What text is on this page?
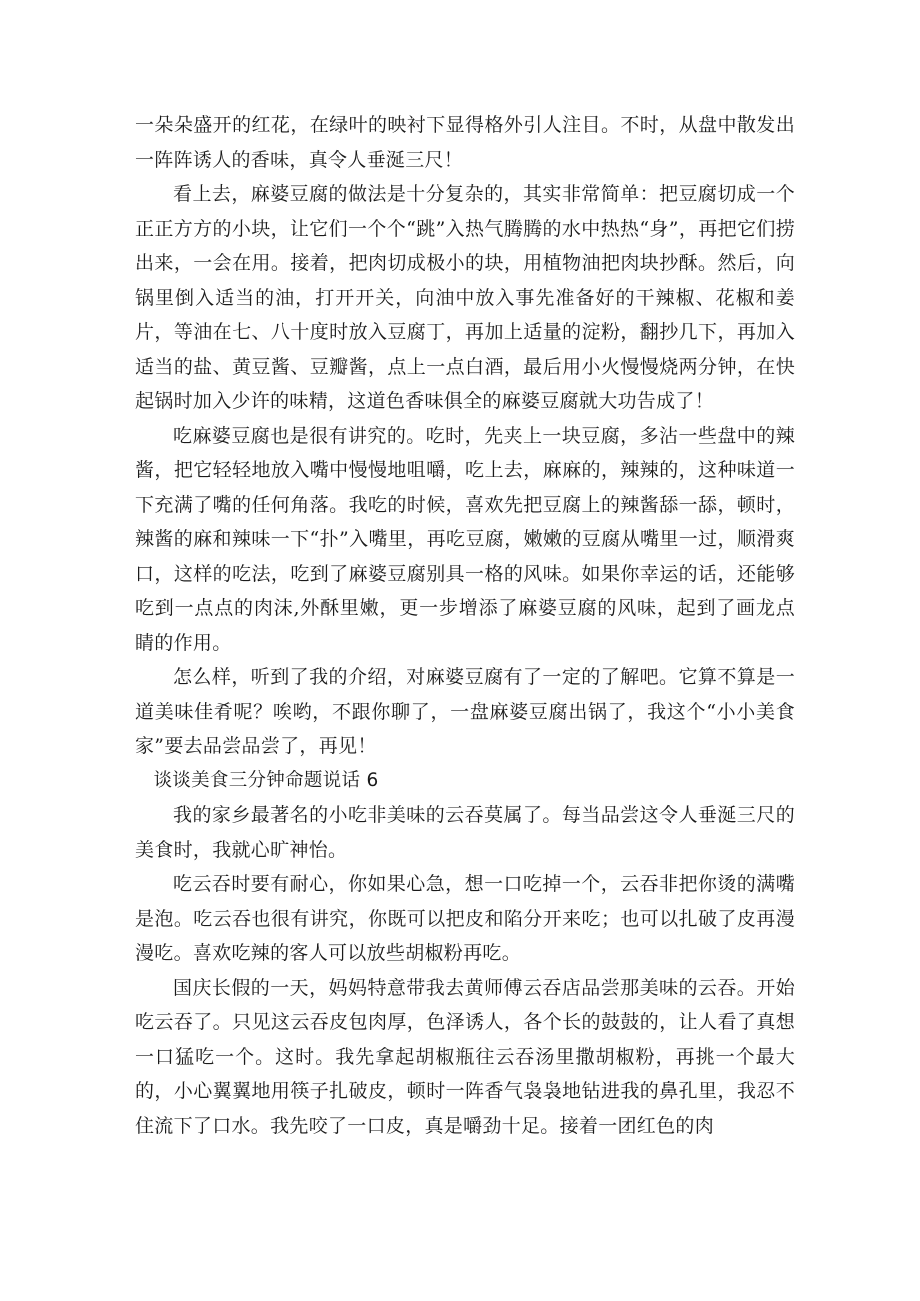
一朵朵盛开的红花，在绿叶的映衬下显得格外引人注目。不时，从盘中散发出一阵阵诱人的香味，真令人垂涎三尺！

看上去，麻婆豆腐的做法是十分复杂的，其实非常简单：把豆腐切成一个正正方方的小块，让它们一个个“跳”入热气腾腾的水中热热“身”，再把它们捞出来，一会在用。接着，把肉切成极小的块，用植物油把肉块抄酥。然后，向锅里倒入适当的油，打开开关，向油中放入事先准备好的干辣椒、花椒和姜片，等油在七、八十度时放入豆腐丁，再加上适量的淀粉，翻抄几下，再加入适当的盐、黄豆酱、豆瓣酱，点上一点白酒，最后用小火慢慢烧两分钟，在快起锅时加入少许的味精，这道色香味俱全的麻婆豆腐就大功告成了！

吃麻婆豆腐也是很有讲究的。吃时，先夹上一块豆腐，多沾一些盘中的辣酱，把它轻轻地放入嘴中慢慢地咀嚼，吃上去，麻麻的，辣辣的，这种味道一下充满了嘴的任何角落。我吃的时候，喜欢先把豆腐上的辣酱舔一舔，顿时，辣酱的麻和辣味一下“扑”入嘴里，再吃豆腐，嫩嫩的豆腐从嘴里一过，顺滑爽口，这样的吃法，吃到了麻婆豆腐别具一格的风味。如果你幸运的话，还能够吃到一点点的肉沫,外酥里嫩，更一步增添了麻婆豆腐的风味，起到了画龙点睛的作用。

怎么样，听到了我的介绍，对麻婆豆腐有了一定的了解吧。它算不算是一道美味佳肴呢？唉哟，不跟你聊了，一盘麻婆豆腐出锅了，我这个“小小美食家”要去品尝品尝了，再见！

谈谈美食三分钟命题说话 6

我的家乡最著名的小吃非美味的云吞莫属了。每当品尝这令人垂涎三尺的美食时，我就心旷神怡。

吃云吞时要有耐心，你如果心急，想一口吃掉一个，云吞非把你烫的满嘴是泡。吃云吞也很有讲究，你既可以把皮和陷分开来吃；也可以扎破了皮再漫漫吃。喜欢吃辣的客人可以放些胡椒粉再吃。

国庆长假的一天，妈妈特意带我去黄师傅云吞店品尝那美味的云吞。开始吃云吞了。只见这云吞皮包肉厚，色泽诱人，各个长的鼓鼓的，让人看了真想一口猛吃一个。这时。我先拿起胡椒瓶往云吞汤里撒胡椒粉，再挑一个最大的，小心翼翼地用筷子扎破皮，顿时一阵香气袅袅地钻进我的鼻孔里，我忍不住流下了口水。我先咬了一口皮，真是嚼劲十足。接着一团红色的肉
